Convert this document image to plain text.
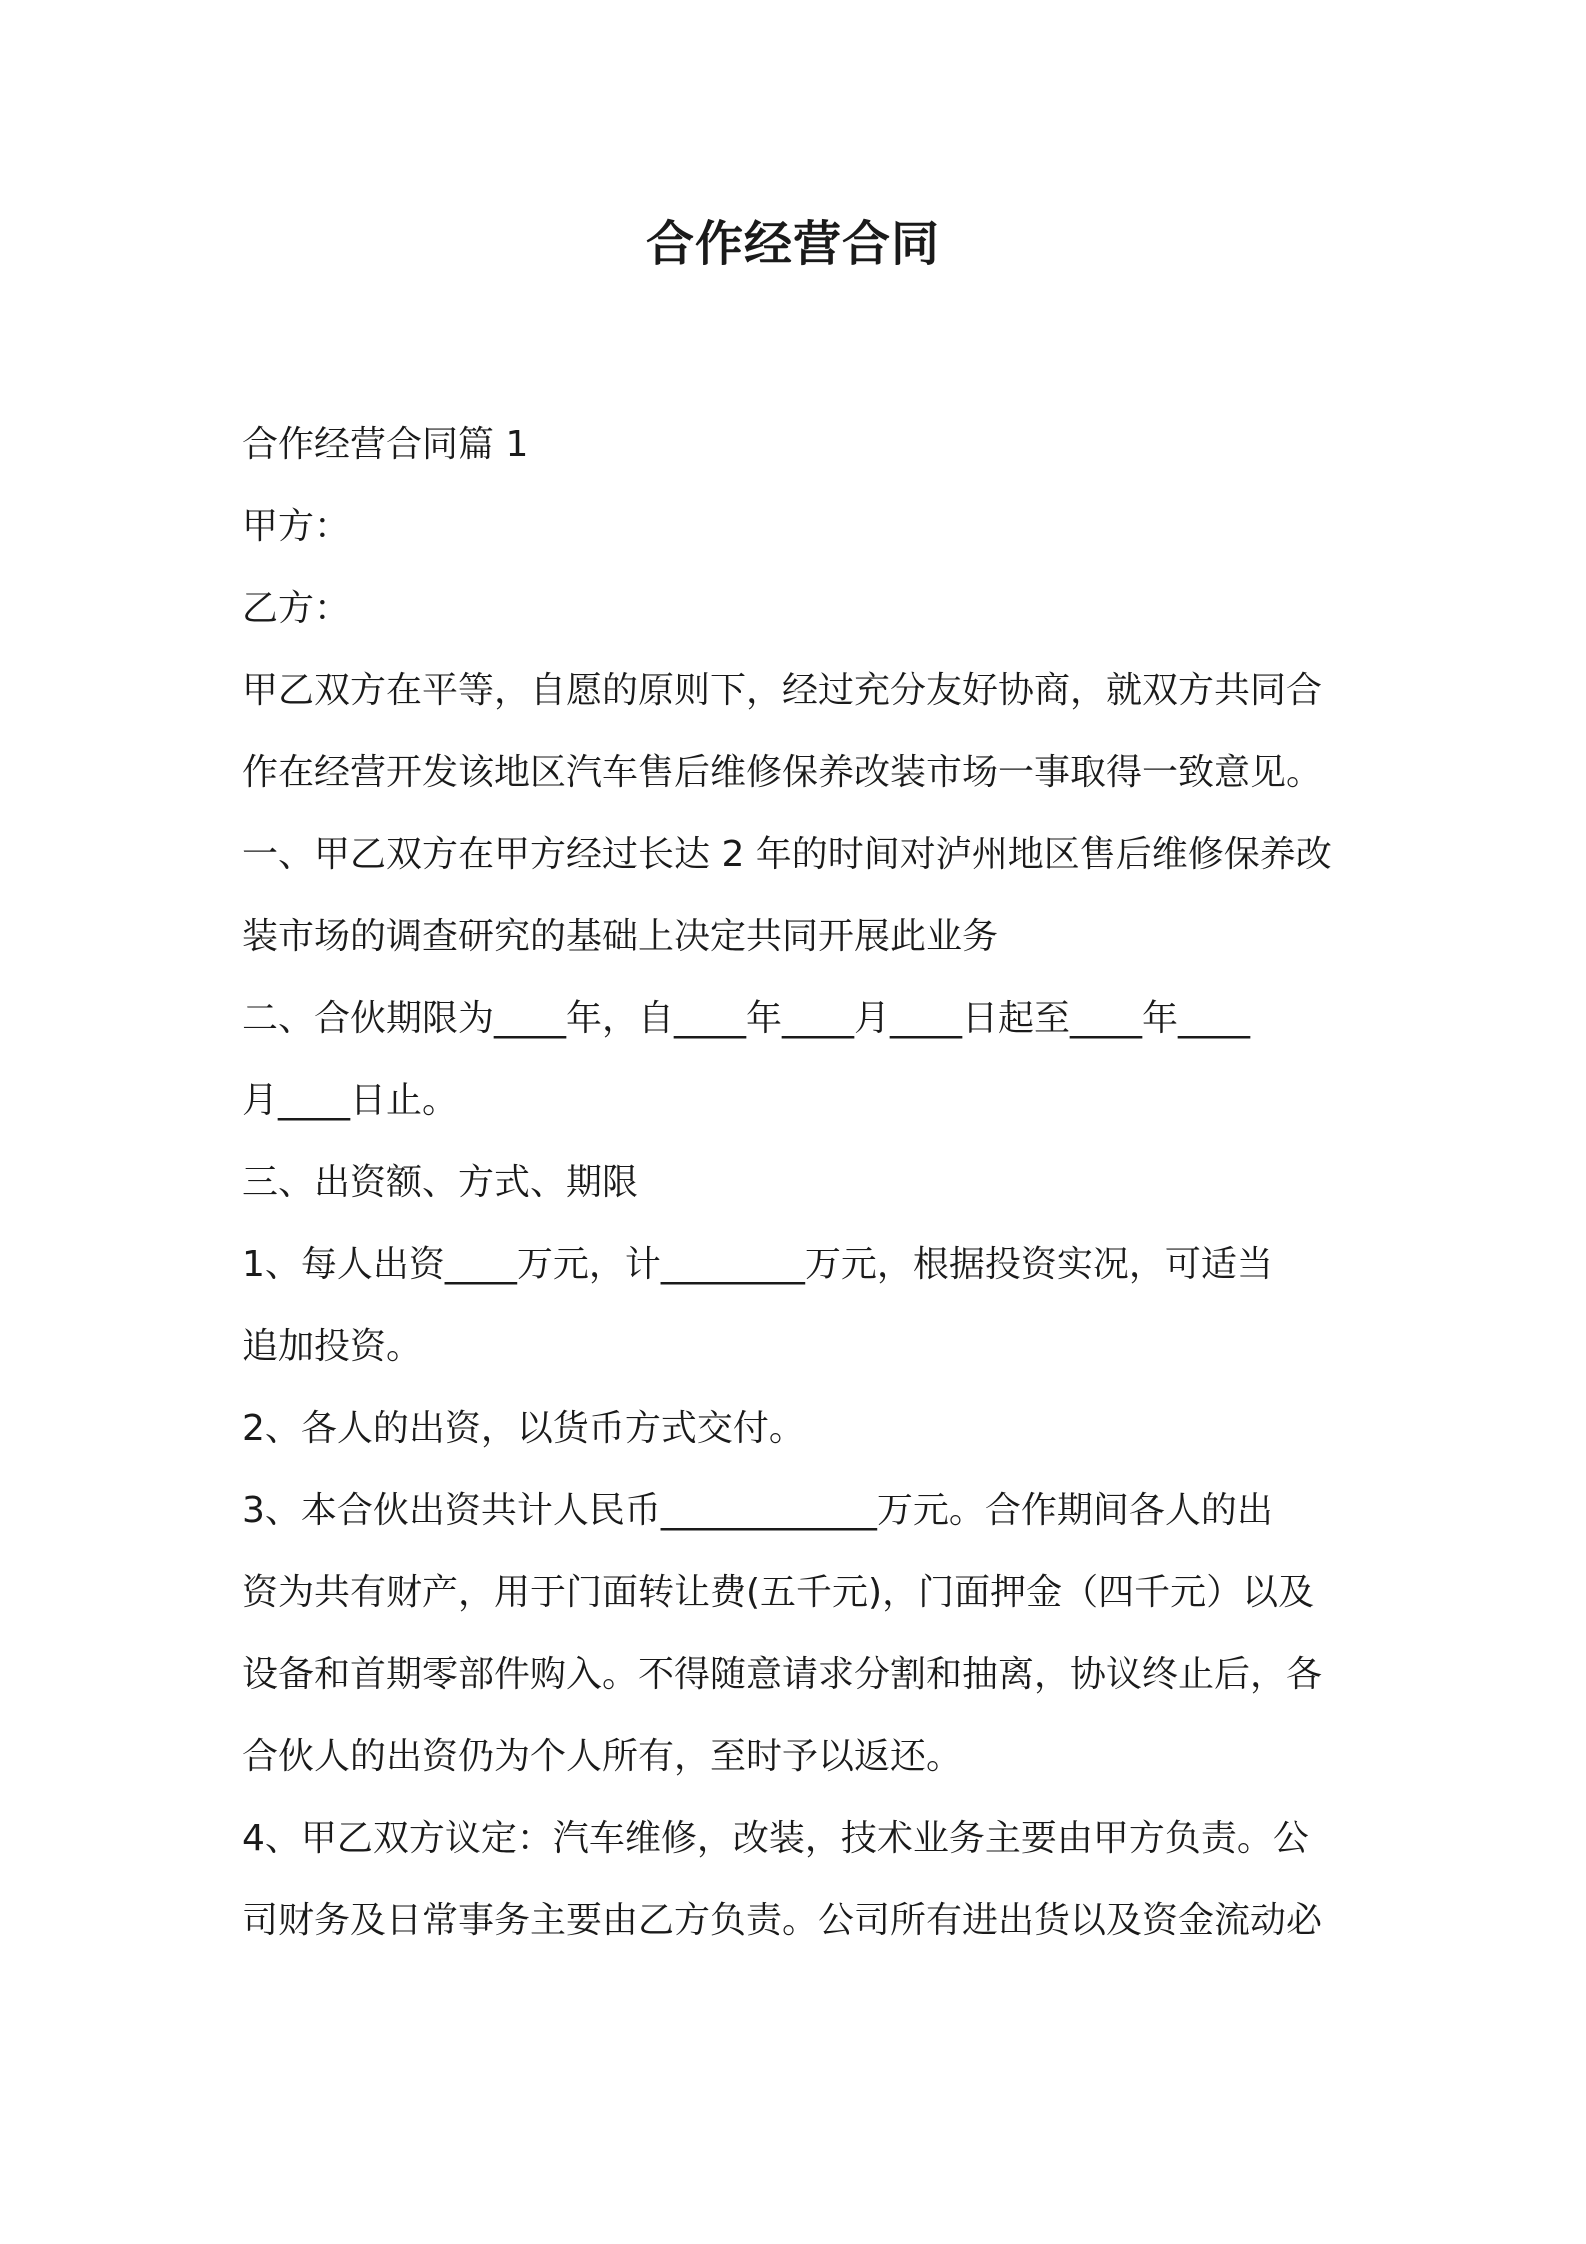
合作经营合同

合作经营合同篇 1

甲方：

乙方：

甲乙双方在平等，自愿的原则下，经过充分友好协商，就双方共同合

作在经营开发该地区汽车售后维修保养改装市场一事取得一致意见。

一、甲乙双方在甲方经过长达 2 年的时间对泸州地区售后维修保养改

装市场的调查研究的基础上决定共同开展此业务

二、合伙期限为____年，自____年____月____日起至____年____

月____日止。

三、出资额、方式、期限

1、每人出资____万元，计________万元，根据投资实况，可适当

追加投资。

2、各人的出资，以货币方式交付。

3、本合伙出资共计人民币____________万元。合作期间各人的出

资为共有财产，用于门面转让费(五千元)，门面押金（四千元）以及

设备和首期零部件购入。不得随意请求分割和抽离，协议终止后，各

合伙人的出资仍为个人所有，至时予以返还。

4、甲乙双方议定：汽车维修，改装，技术业务主要由甲方负责。公

司财务及日常事务主要由乙方负责。公司所有进出货以及资金流动必
